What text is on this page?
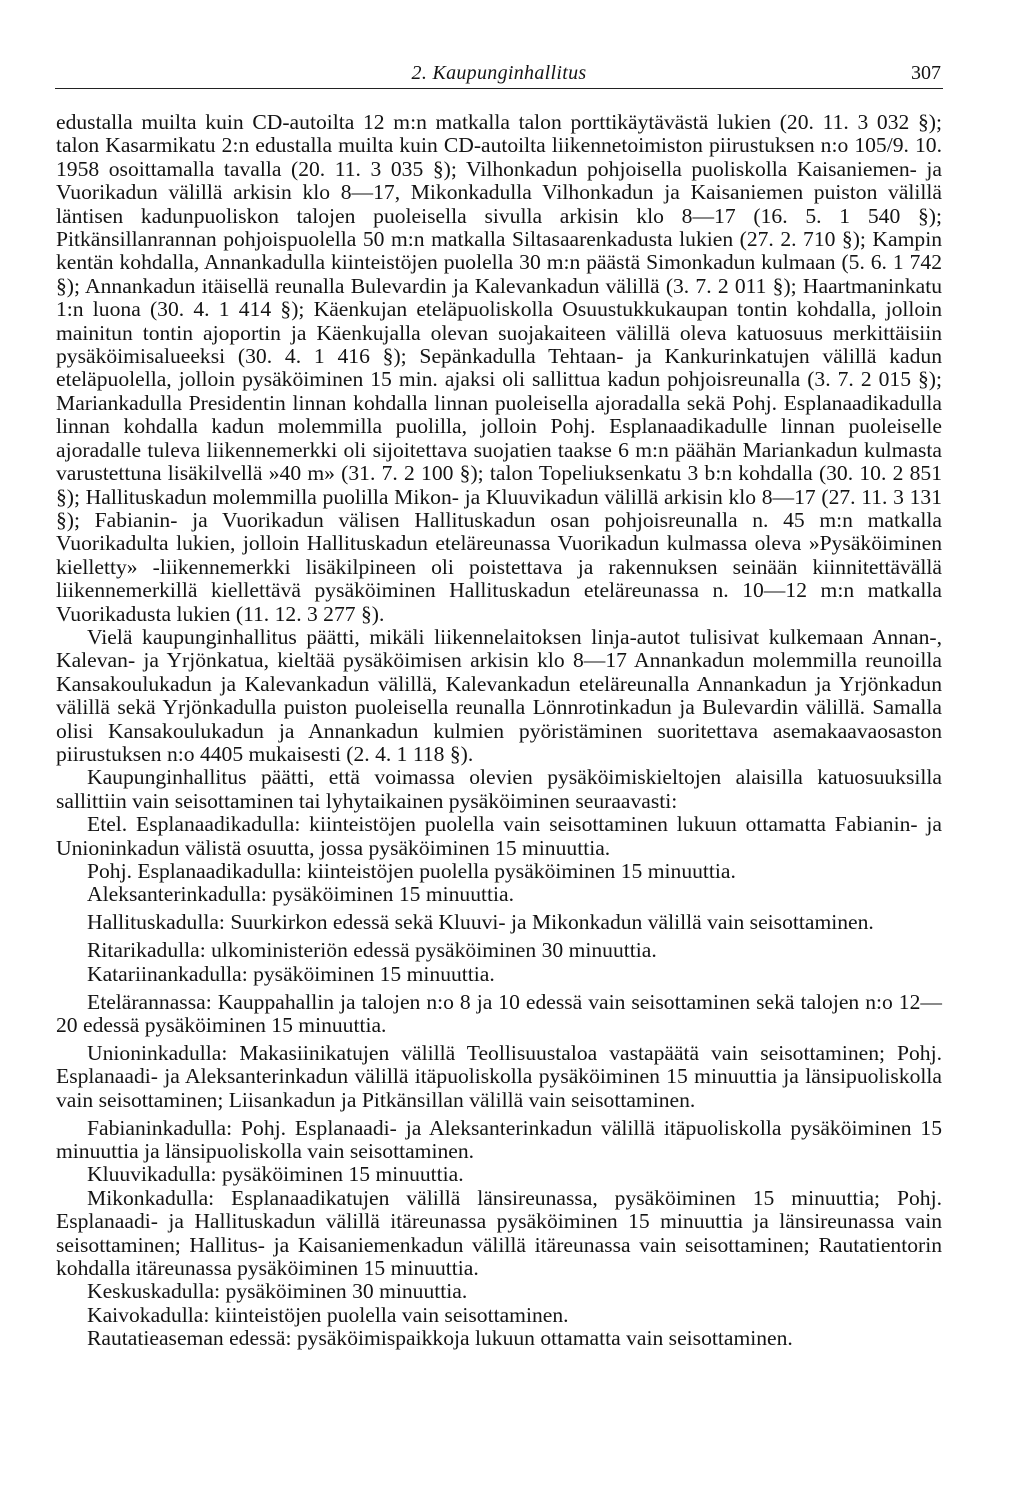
2. Kaupunginhallitus	307

edustalla muilta kuin CD-autoilta 12 m:n matkalla talon porttikäytävästä lukien (20. 11. 3 032 §); talon Kasarmikatu 2:n edustalla muilta kuin CD-autoilta liikennetoimiston piirustuksen n:o 105/9. 10. 1958 osoittamalla tavalla (20. 11. 3 035 §); Vilhonkadun pohjoisella puoliskolla Kaisaniemen- ja Vuorikadun välillä arkisin klo 8—17, Mikonkadulla Vilhonkadun ja Kaisaniemen puiston välillä läntisen kadunpuoliskon talojen puoleisella sivulla arkisin klo 8—17 (16. 5. 1 540 §); Pitkänsillanrannan pohjoispuolella 50 m:n matkalla Siltasaarenkadusta lukien (27. 2. 710 §); Kampin kentän kohdalla, Annankadulla kiinteistöjen puolella 30 m:n päästä Simonkadun kulmaan (5. 6. 1 742 §); Annankadun itäisellä reunalla Bulevardin ja Kalevankadun välillä (3. 7. 2 011 §); Haartmaninkatu 1:n luona (30. 4. 1 414 §); Käenkujan eteläpuoliskolla Osuustukkukaupan tontin kohdalla, jolloin mainitun tontin ajoportin ja Käenkujalla olevan suojakaiteen välillä oleva katuosuus merkittäisiin pysäköimisalueeksi (30. 4. 1 416 §); Sepänkadulla Tehtaan- ja Kankurinkatujen välillä kadun eteläpuolella, jolloin pysäköiminen 15 min. ajaksi oli sallittua kadun pohjoisreunalla (3. 7. 2 015 §); Mariankadulla Presidentin linnan kohdalla linnan puoleisella ajoradalla sekä Pohj. Esplanaadikadulla linnan kohdalla kadun molemmilla puolilla, jolloin Pohj. Esplanaadikadulle linnan puoleiselle ajoradalle tuleva liikennemerkki oli sijoitettava suojatien taakse 6 m:n päähän Mariankadun kulmasta varustettuna lisäkilvellä »40 m» (31. 7. 2 100 §); talon Topeliuksenkatu 3 b:n kohdalla (30. 10. 2 851 §); Hallituskadun molemmilla puolilla Mikon- ja Kluuvikadun välillä arkisin klo 8—17 (27. 11. 3 131 §); Fabianin- ja Vuorikadun välisen Hallituskadun osan pohjoisreunalla n. 45 m:n matkalla Vuorikadulta lukien, jolloin Hallituskadun eteläreunassa Vuorikadun kulmassa oleva »Pysäköiminen kielletty» -liikennemerkki lisäkilpineen oli poistettava ja rakennuksen seinään kiinnitettävällä liikennemerkillä kiellettävä pysäköiminen Hallituskadun eteläreunassa n. 10—12 m:n matkalla Vuorikadusta lukien (11. 12. 3 277 §).

Vielä kaupunginhallitus päätti, mikäli liikennelaitoksen linja-autot tulisivat kulkemaan Annan-, Kalevan- ja Yrjönkatua, kieltää pysäköimisen arkisin klo 8—17 Annankadun molemmilla reunoilla Kansakoulukadun ja Kalevankadun välillä, Kalevankadun eteläreunalla Annankadun ja Yrjönkadun välillä sekä Yrjönkadulla puiston puoleisella reunalla Lönnrotinkadun ja Bulevardin välillä. Samalla olisi Kansakoulukadun ja Annankadun kulmien pyöristäminen suoritettava asemakaavaosaston piirustuksen n:o 4405 mukaisesti (2. 4. 1 118 §).

Kaupunginhallitus päätti, että voimassa olevien pysäköimiskieltojen alaisilla katuosuuksilla sallittiin vain seisottaminen tai lyhytaikainen pysäköiminen seuraavasti:

Etel. Esplanaadikadulla: kiinteistöjen puolella vain seisottaminen lukuun ottamatta Fabianin- ja Unioninkadun välistä osuutta, jossa pysäköiminen 15 minuuttia.

Pohj. Esplanaadikadulla: kiinteistöjen puolella pysäköiminen 15 minuuttia.

Aleksanterinkadulla: pysäköiminen 15 minuuttia.

Hallituskadulla: Suurkirkon edessä sekä Kluuvi- ja Mikonkadun välillä vain seisottaminen.

Ritarikadulla: ulkoministeriön edessä pysäköiminen 30 minuuttia.

Katariinankadulla: pysäköiminen 15 minuuttia.

Etelärannassa: Kauppahallin ja talojen n:o 8 ja 10 edessä vain seisottaminen sekä talojen n:o 12—20 edessä pysäköiminen 15 minuuttia.

Unioninkadulla: Makasiinikatujen välillä Teollisuustaloa vastapäätä vain seisottaminen; Pohj. Esplanaadi- ja Aleksanterinkadun välillä itäpuoliskolla pysäköiminen 15 minuuttia ja länsipuoliskolla vain seisottaminen; Liisankadun ja Pitkänsillan välillä vain seisottaminen.

Fabianinkadulla: Pohj. Esplanaadi- ja Aleksanterinkadun välillä itäpuoliskolla pysäköiminen 15 minuuttia ja länsipuoliskolla vain seisottaminen.

Kluuvikadulla: pysäköiminen 15 minuuttia.

Mikonkadulla: Esplanaadikatujen välillä länsireunassa, pysäköiminen 15 minuuttia; Pohj. Esplanaadi- ja Hallituskadun välillä itäreunassa pysäköiminen 15 minuuttia ja länsireunassa vain seisottaminen; Hallitus- ja Kaisaniemenkadun välillä itäreunassa vain seisottaminen; Rautatientorin kohdalla itäreunassa pysäköiminen 15 minuuttia.

Keskuskadulla: pysäköiminen 30 minuuttia.

Kaivokadulla: kiinteistöjen puolella vain seisottaminen.

Rautatieaseman edessä: pysäköimispaikkoja lukuun ottamatta vain seisottaminen.
